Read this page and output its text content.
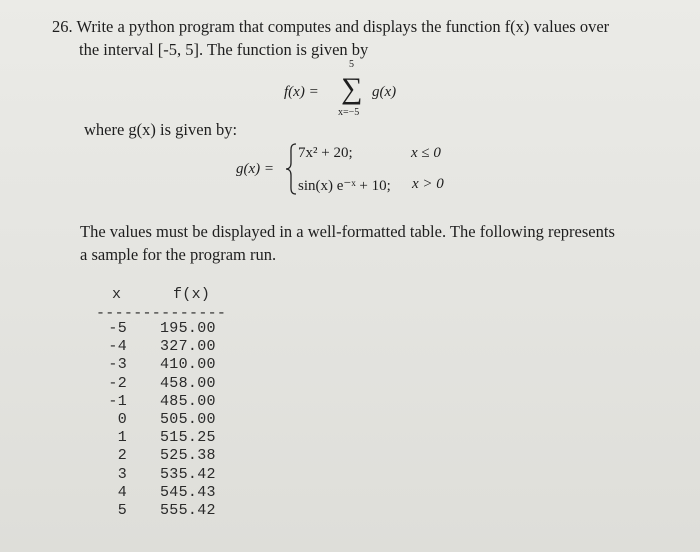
26. Write a python program that computes and displays the function f(x) values over
the interval [-5, 5]. The function is given by
f(x) =
5
∑
x=−5
g(x)
where g(x) is given by:
g(x) =
7x² + 20;	x ≤ 0
sin(x) e⁻ˣ + 10; x > 0
The values must be displayed in a well-formatted table. The following represents
a sample for the program run.
x	f(x)
--------------
-5 195.00
-4 327.00
-3 410.00
-2 458.00
-1 485.00
0 505.00
1 515.25
2 525.38
3 535.42
4 545.43
5 555.42
